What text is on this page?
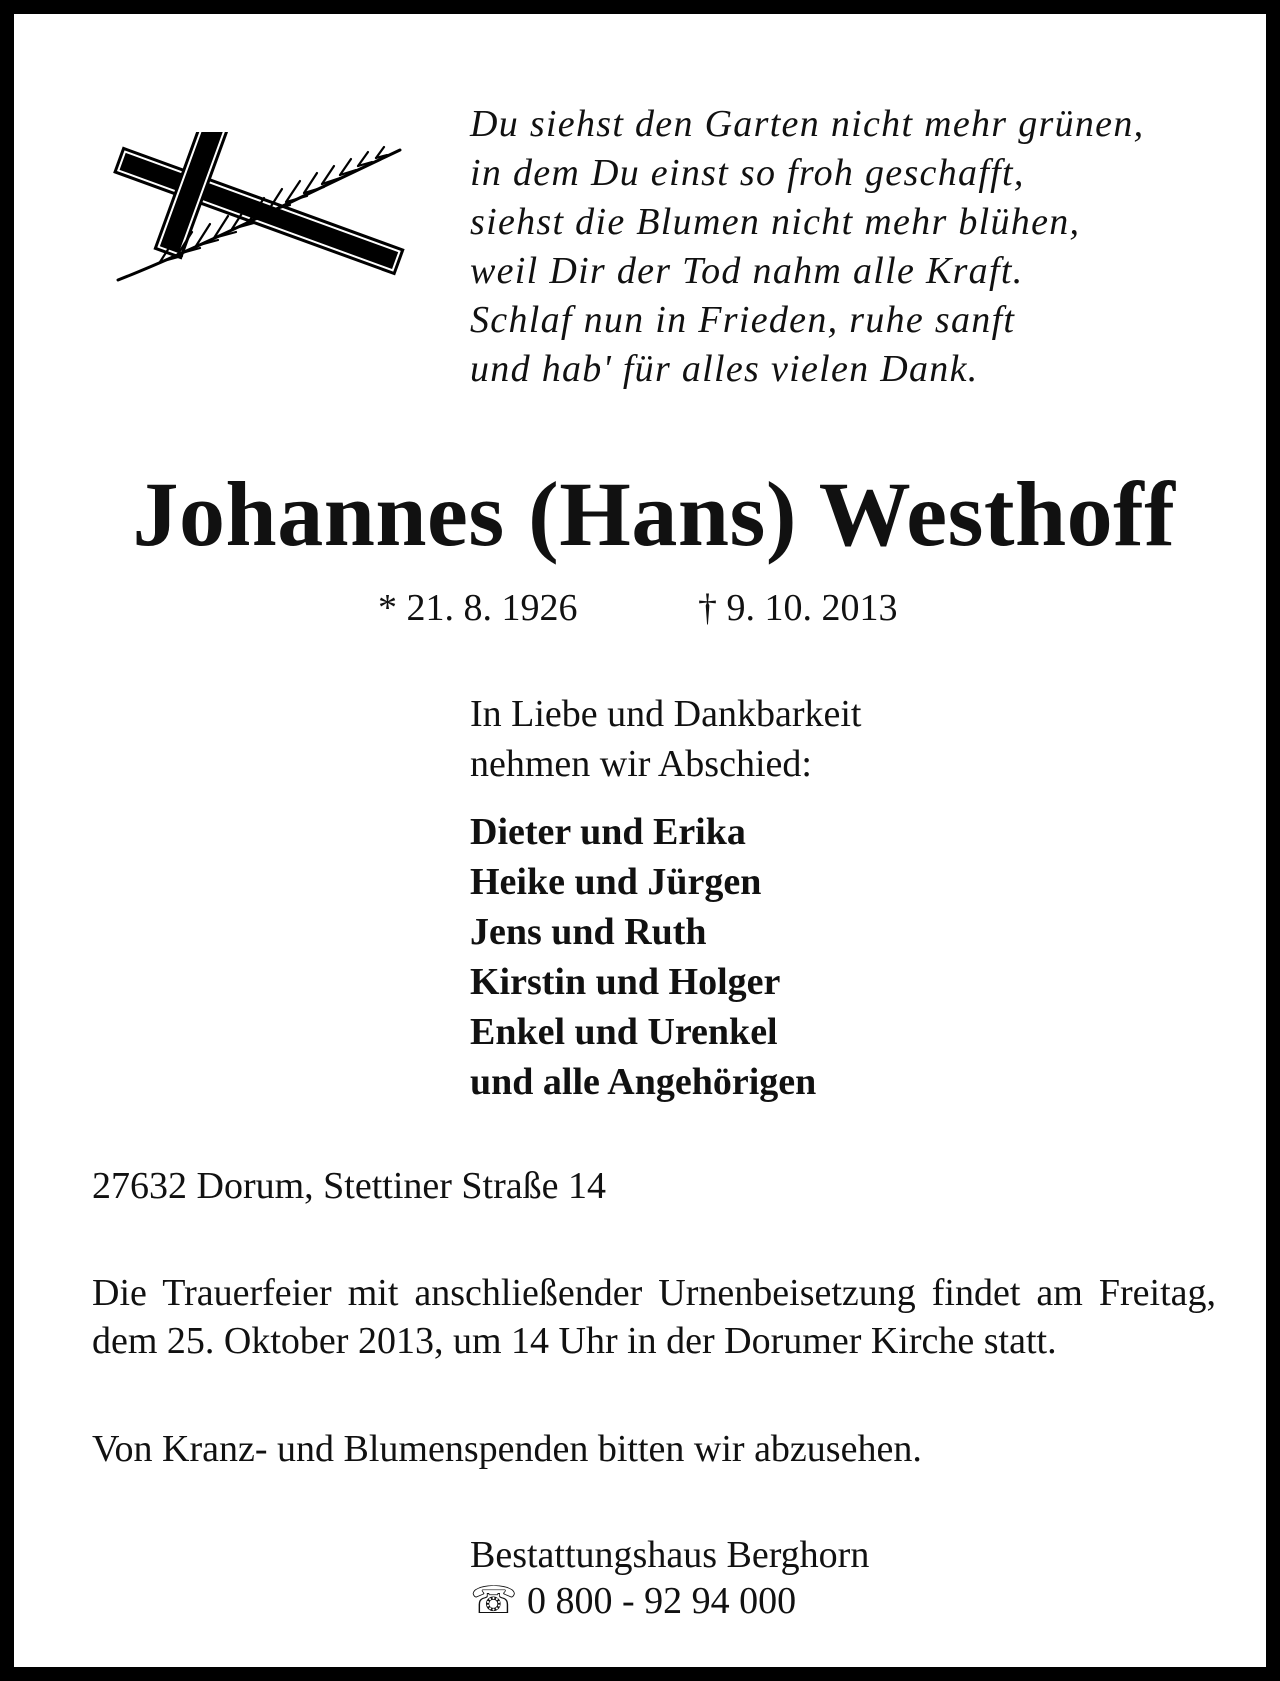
Du siehst den Garten nicht mehr grünen,
in dem Du einst so froh geschafft,
siehst die Blumen nicht mehr blühen,
weil Dir der Tod nahm alle Kraft.
Schlaf nun in Frieden, ruhe sanft
und hab' für alles vielen Dank.
Johannes (Hans) Westhoff
* 21. 8. 1926	† 9. 10. 2013
In Liebe und Dankbarkeit
nehmen wir Abschied:
Dieter und Erika
Heike und Jürgen
Jens und Ruth
Kirstin und Holger
Enkel und Urenkel
und alle Angehörigen
27632 Dorum, Stettiner Straße 14
Die Trauerfeier mit anschließender Urnenbeisetzung findet am Freitag, dem 25. Oktober 2013, um 14 Uhr in der Dorumer Kirche statt.
Von Kranz- und Blumenspenden bitten wir abzusehen.
Bestattungshaus Berghorn
☏ 0 800 - 92 94 000
